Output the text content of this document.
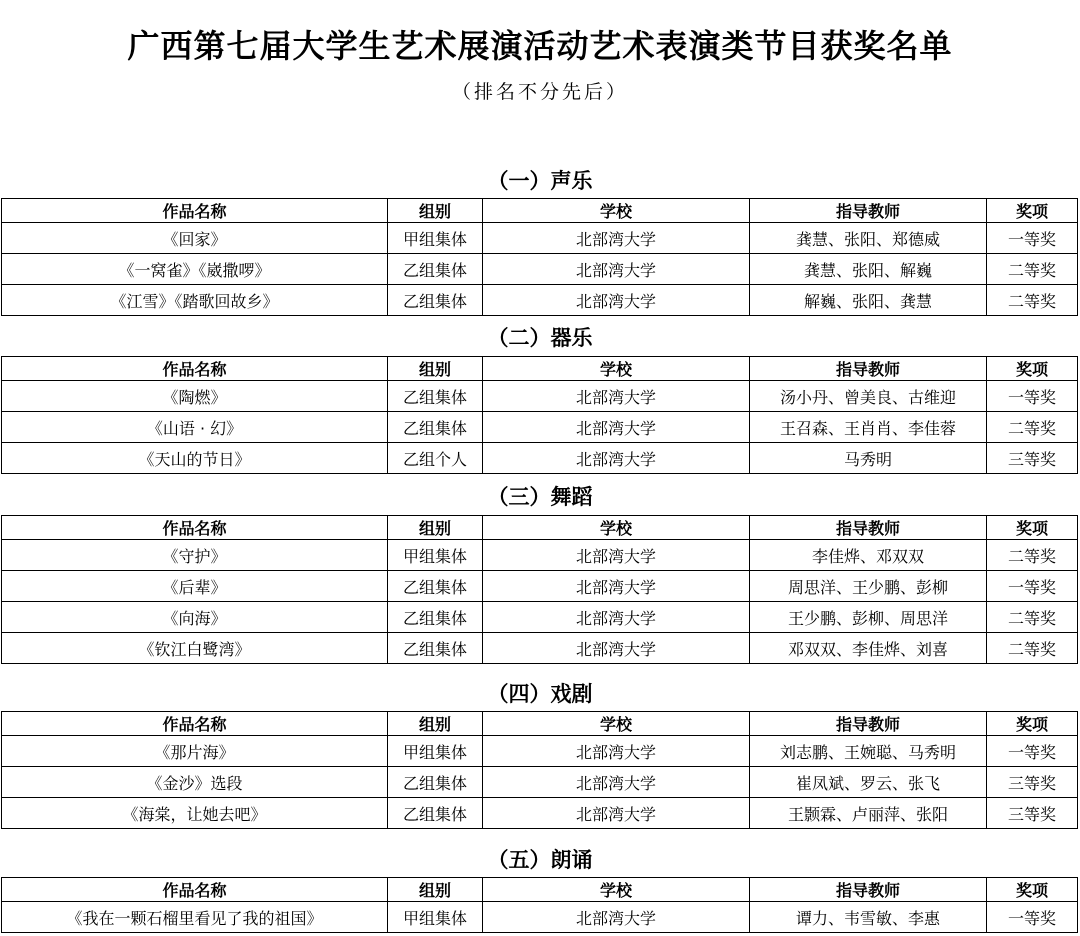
广西第七届大学生艺术展演活动艺术表演类节目获奖名单
（排名不分先后）
（一）声乐
作品名称	组别	学校	指导教师	奖项
《回家》	甲组集体	北部湾大学	龚慧、张阳、郑德威	一等奖
《一窝雀》《崴撒啰》	乙组集体	北部湾大学	龚慧、张阳、解巍	二等奖
《江雪》《踏歌回故乡》	乙组集体	北部湾大学	解巍、张阳、龚慧	二等奖
（二）器乐
作品名称	组别	学校	指导教师	奖项
《陶燃》	乙组集体	北部湾大学	汤小丹、曾美良、古维迎	一等奖
《山语 · 幻》	乙组集体	北部湾大学	王召森、王肖肖、李佳蓉	二等奖
《天山的节日》	乙组个人	北部湾大学	马秀明	三等奖
（三）舞蹈
作品名称	组别	学校	指导教师	奖项
《守护》	甲组集体	北部湾大学	李佳烨、邓双双	二等奖
《后辈》	乙组集体	北部湾大学	周思洋、王少鹏、彭柳	一等奖
《向海》	乙组集体	北部湾大学	王少鹏、彭柳、周思洋	二等奖
《钦江白鹭湾》	乙组集体	北部湾大学	邓双双、李佳烨、刘喜	二等奖
（四）戏剧
作品名称	组别	学校	指导教师	奖项
《那片海》	甲组集体	北部湾大学	刘志鹏、王婉聪、马秀明	一等奖
《金沙》选段	乙组集体	北部湾大学	崔凤斌、罗云、张飞	三等奖
《海棠，让她去吧》	乙组集体	北部湾大学	王颢霖、卢丽萍、张阳	三等奖
（五）朗诵
作品名称	组别	学校	指导教师	奖项
《我在一颗石榴里看见了我的祖国》	甲组集体	北部湾大学	谭力、韦雪敏、李惠	一等奖
